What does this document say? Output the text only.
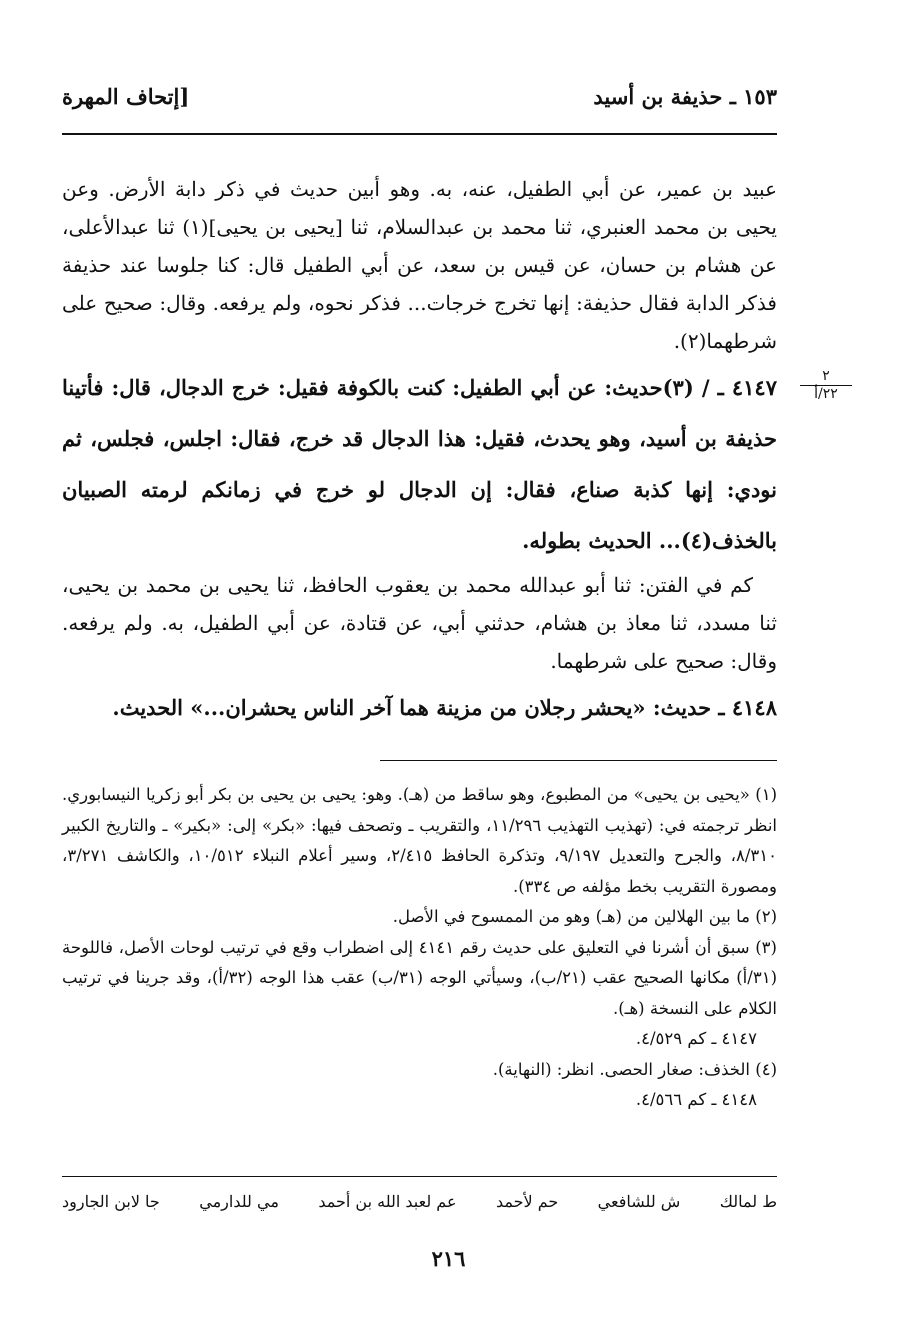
١٥٣ ـ حذيفة بن أسيد
[إتحاف المهرة
٢
٢٢/أ

عبيد بن عمير، عن أبي الطفيل، عنه، به. وهو أبين حديث في ذكر دابة الأرض. وعن يحيى بن محمد العنبري، ثنا محمد بن عبدالسلام، ثنا [يحيى بن يحيى](١) ثنا عبدالأعلى، عن هشام بن حسان، عن قيس بن سعد، عن أبي الطفيل قال: كنا جلوسا عند حذيفة فذكر الدابة فقال حذيفة: إنها تخرج خرجات... فذكر نحوه، ولم يرفعه. وقال: صحيح على شرطهما(٢).

٤١٤٧ ـ / (٣)حديث: عن أبي الطفيل: كنت بالكوفة فقيل: خرج الدجال، قال: فأتينا حذيفة بن أسيد، وهو يحدث، فقيل: هذا الدجال قد خرج، فقال: اجلس، فجلس، ثم نودي: إنها كذبة صناع، فقال: إن الدجال لو خرج في زمانكم لرمته الصبيان بالخذف(٤)... الحديث بطوله.

كم في الفتن: ثنا أبو عبدالله محمد بن يعقوب الحافظ، ثنا يحيى بن محمد بن يحيى، ثنا مسدد، ثنا معاذ بن هشام، حدثني أبي، عن قتادة، عن أبي الطفيل، به. ولم يرفعه. وقال: صحيح على شرطهما.

٤١٤٨ ـ حديث: «يحشر رجلان من مزينة هما آخر الناس يحشران...» الحديث.

(١) «يحيى بن يحيى» من المطبوع، وهو ساقط من (هـ). وهو: يحيى بن يحيى بن بكر أبو زكريا النيسابوري. انظر ترجمته في: (تهذيب التهذيب ١١/٢٩٦، والتقريب ـ وتصحف فيها: «بكر» إلى: «بكير» ـ والتاريخ الكبير ٨/٣١٠، والجرح والتعديل ٩/١٩٧، وتذكرة الحافظ ٢/٤١٥، وسير أعلام النبلاء ١٠/٥١٢، والكاشف ٣/٢٧١، ومصورة التقريب بخط مؤلفه ص ٣٣٤).

(٢) ما بين الهلالين من (هـ) وهو من الممسوح في الأصل.

(٣) سبق أن أشرنا في التعليق على حديث رقم ٤١٤١ إلى اضطراب وقع في ترتيب لوحات الأصل، فاللوحة (٣١/أ) مكانها الصحيح عقب (٢١/ب)، وسيأتي الوجه (٣١/ب) عقب هذا الوجه (٣٢/أ)، وقد جرينا في ترتيب الكلام على النسخة (هـ).

٤١٤٧ ـ كم ٤/٥٢٩.

(٤) الخذف: صغار الحصى. انظر: (النهاية).

٤١٤٨ ـ كم ٤/٥٦٦.

ط لمالك
ش للشافعي
حم لأحمد
عم لعبد الله بن أحمد
مي للدارمي
جا لابن الجارود
٢١٦
